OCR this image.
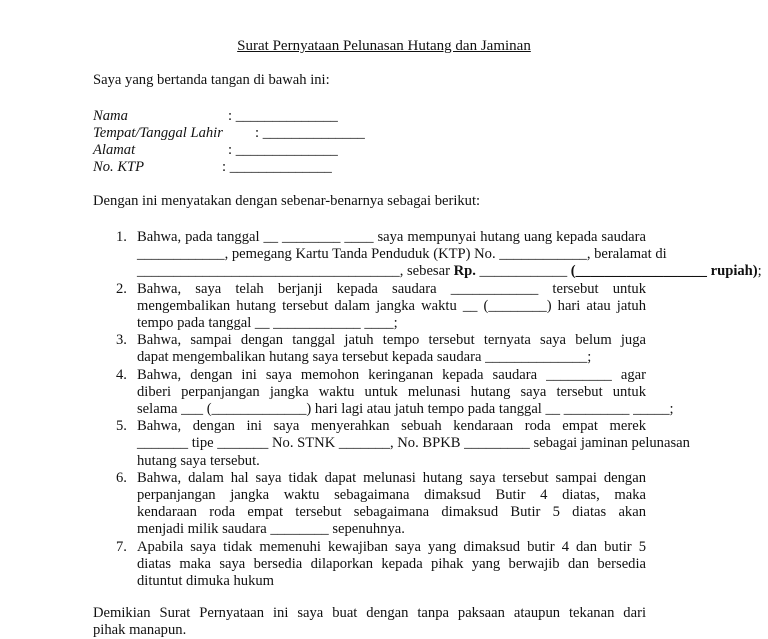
Surat Pernyataan Pelunasan Hutang dan Jaminan
Saya yang bertanda tangan di bawah ini:
Nama	: ______________
Tempat/Tanggal Lahir : ______________
Alamat	: ______________
No. KTP	: ______________
Dengan ini menyatakan dengan sebenar-benarnya sebagai berikut:
1. Bahwa, pada tanggal __ ________ ____ saya mempunyai hutang uang kepada saudara
____________, pemegang Kartu Tanda Penduduk (KTP) No. ____________, beralamat di
____________________________________, sebesar Rp. ____________ (__________________ rupiah);
2. Bahwa, saya telah berjanji kepada saudara ____________ tersebut untuk
mengembalikan hutang tersebut dalam jangka waktu __ (________) hari atau jatuh
tempo pada tanggal __ ____________ ____;
3. Bahwa, sampai dengan tanggal jatuh tempo tersebut ternyata saya belum juga
dapat mengembalikan hutang saya tersebut kepada saudara ______________;
4. Bahwa, dengan ini saya memohon keringanan kepada saudara _________ agar
diberi perpanjangan jangka waktu untuk melunasi hutang saya tersebut untuk
selama ___ (_____________) hari lagi atau jatuh tempo pada tanggal __ _________ _____;
5. Bahwa, dengan ini saya menyerahkan sebuah kendaraan roda empat merek
_______ tipe _______ No. STNK _______, No. BPKB _________ sebagai jaminan pelunasan
hutang saya tersebut.
6. Bahwa, dalam hal saya tidak dapat melunasi hutang saya tersebut sampai dengan
perpanjangan jangka waktu sebagaimana dimaksud Butir 4 diatas, maka
kendaraan roda empat tersebut sebagaimana dimaksud Butir 5 diatas akan
menjadi milik saudara ________ sepenuhnya.
7. Apabila saya tidak memenuhi kewajiban saya yang dimaksud butir 4 dan butir 5
diatas maka saya bersedia dilaporkan kepada pihak yang berwajib dan bersedia
dituntut dimuka hukum
Demikian Surat Pernyataan ini saya buat dengan tanpa paksaan ataupun tekanan dari
pihak manapun.
